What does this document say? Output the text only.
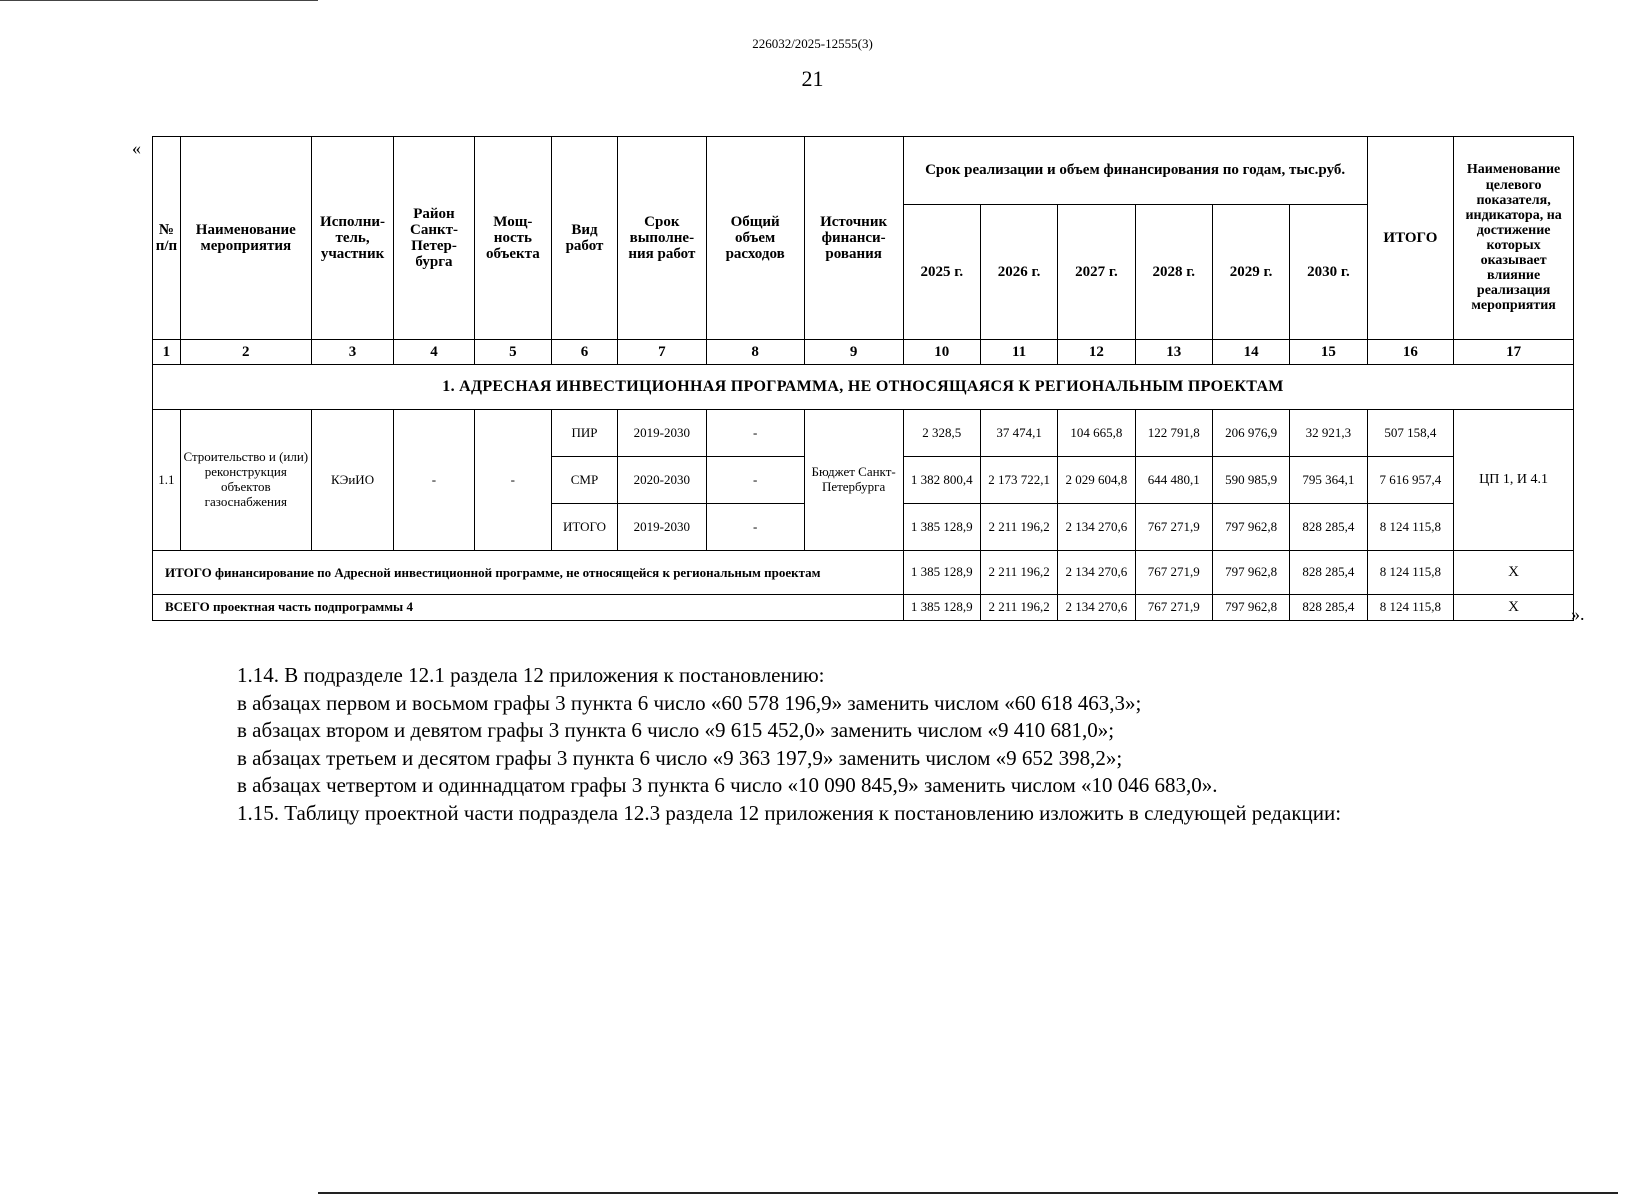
226032/2025-12555(3)
21
«
№ п/п	Наименование мероприятия	Исполни-тель, участник	Район Санкт-Петер-бурга	Мощ-ность объекта	Вид работ	Срок выполне-ния работ	Общий объем расходов	Источник финанси-рования	Срок реализации и объем финансирования по годам, тыс.руб.						ИТОГО	Наименование целевого показателя, индикатора, на достижение которых оказывает влияние реализация мероприятия
									2025 г.	2026 г.	2027 г.	2028 г.	2029 г.	2030 г.		
1	2	3	4	5	6	7	8	9	10	11	12	13	14	15	16	17
1. АДРЕСНАЯ ИНВЕСТИЦИОННАЯ ПРОГРАММА, НЕ ОТНОСЯЩАЯСЯ К РЕГИОНАЛЬНЫМ ПРОЕКТАМ																
1.1	Строительство и (или) реконструкция объектов газоснабжения	КЭиИО	-	-	ПИР	2019-2030	-	Бюджет Санкт-Петербурга	2 328,5	37 474,1	104 665,8	122 791,8	206 976,9	32 921,3	507 158,4	ЦП 1, И 4.1
					СМР	2020-2030	-		1 382 800,4	2 173 722,1	2 029 604,8	644 480,1	590 985,9	795 364,1	7 616 957,4	
					ИТОГО	2019-2030	-		1 385 128,9	2 211 196,2	2 134 270,6	767 271,9	797 962,8	828 285,4	8 124 115,8	
ИТОГО финансирование по Адресной инвестиционной программе, не относящейся к региональным проектам									1 385 128,9	2 211 196,2	2 134 270,6	767 271,9	797 962,8	828 285,4	8 124 115,8	Х
ВСЕГО проектная часть подпрограммы 4									1 385 128,9	2 211 196,2	2 134 270,6	767 271,9	797 962,8	828 285,4	8 124 115,8	Х	».

1.14. В подразделе 12.1 раздела 12 приложения к постановлению:

в абзацах первом и восьмом графы 3 пункта 6 число «60 578 196,9» заменить числом «60 618 463,3»;

в абзацах втором и девятом графы 3 пункта 6 число «9 615 452,0» заменить числом «9 410 681,0»;

в абзацах третьем и десятом графы 3 пункта 6 число «9 363 197,9» заменить числом «9 652 398,2»;

в абзацах четвертом и одиннадцатом графы 3 пункта 6 число «10 090 845,9» заменить числом «10 046 683,0».

1.15. Таблицу проектной части подраздела 12.3 раздела 12 приложения к постановлению изложить в следующей редакции:
